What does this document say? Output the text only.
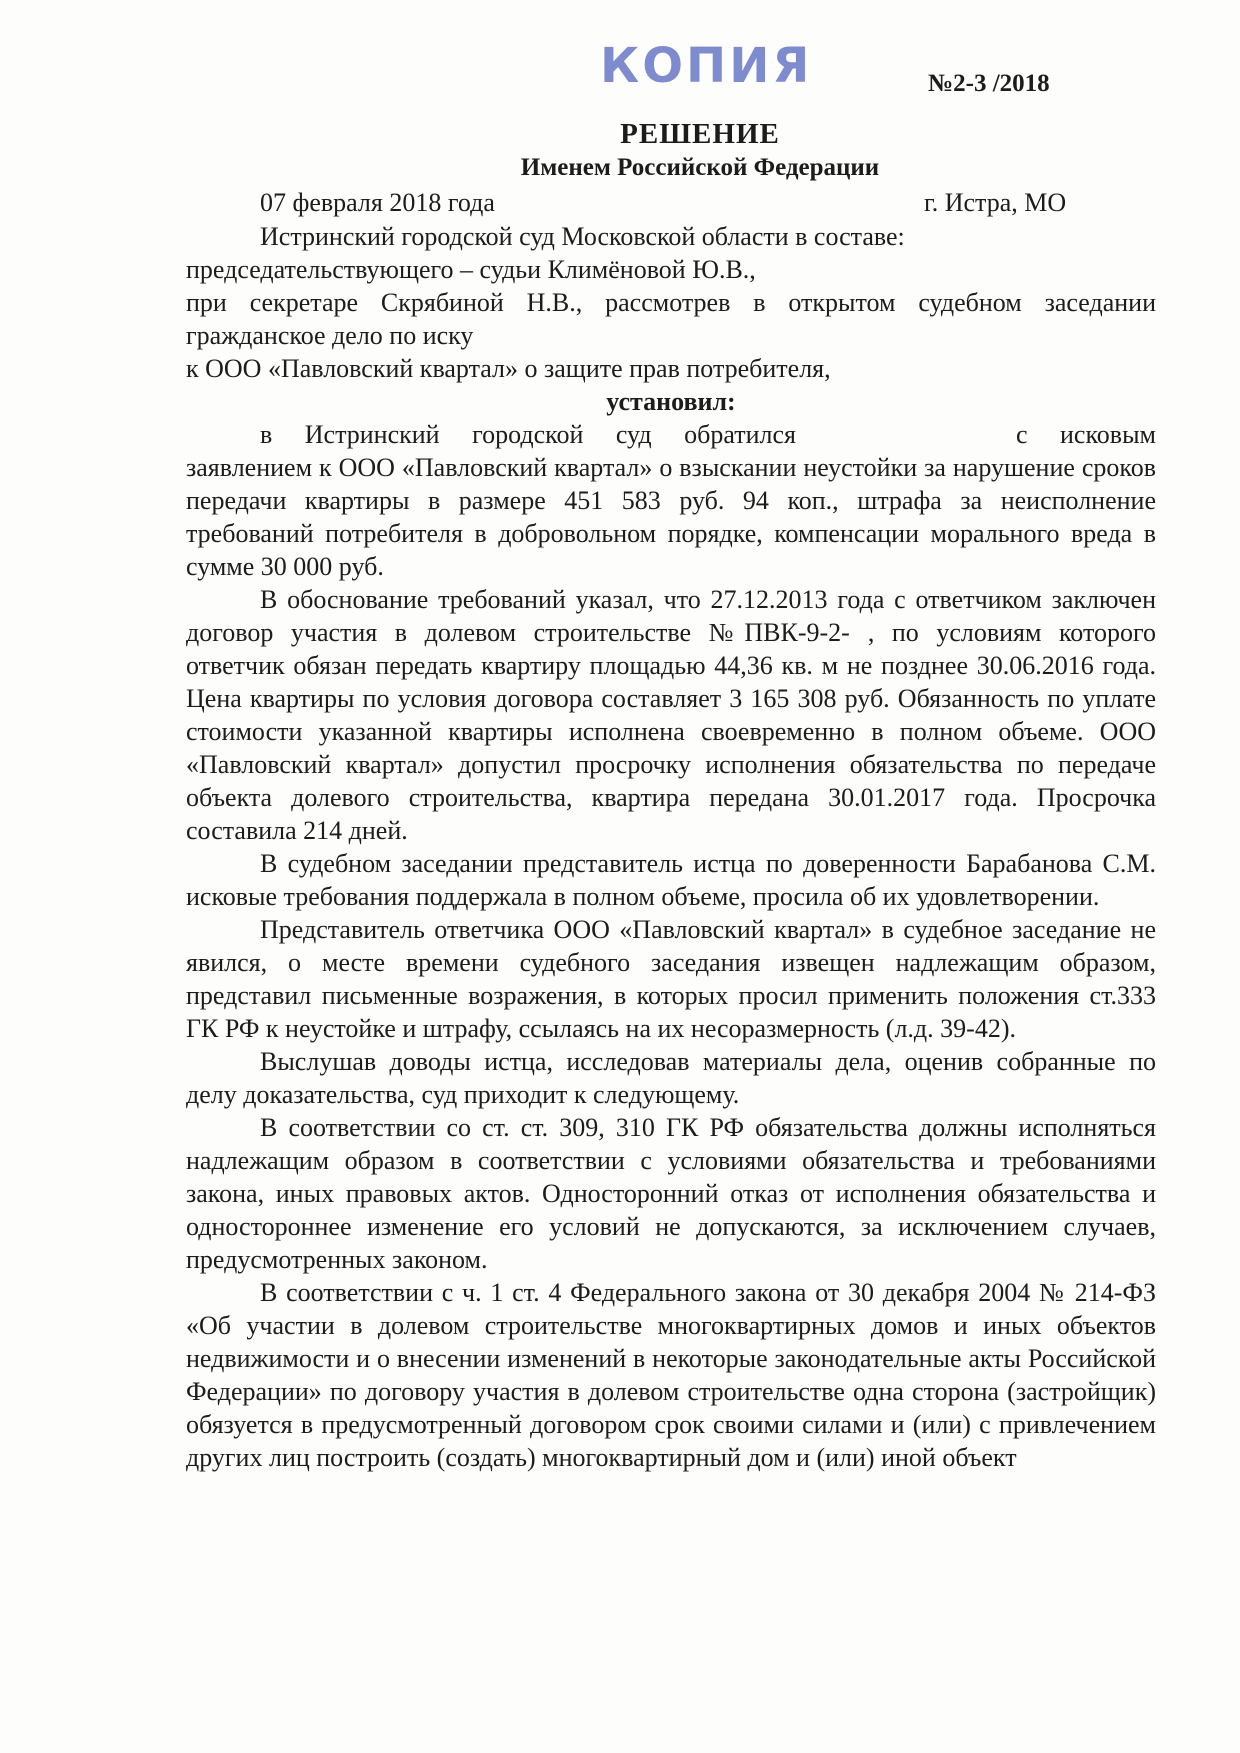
КОПИЯ	№2-3 /2018
РЕШЕНИЕ
Именем Российской Федерации
07 февраля 2018 года	г. Истра, МО

Истринский городской суд Московской области в составе:

председательствующего – судьи Климёновой Ю.В.,

при секретаре Скрябиной Н.В., рассмотрев в открытом судебном заседании гражданское дело по иску

к ООО «Павловский квартал» о защите прав потребителя,

установил:

в Истринский городской суд обратился	с исковым заявлением к ООО «Павловский квартал» о взыскании неустойки за нарушение сроков передачи квартиры в размере 451 583 руб. 94 коп., штрафа за неисполнение требований потребителя в добровольном порядке, компенсации морального вреда в сумме 30 000 руб.

В обоснование требований указал, что 27.12.2013 года с ответчиком заключен договор участия в долевом строительстве №ПВК-9-2- , по условиям которого ответчик обязан передать квартиру площадью 44,36 кв. м не позднее 30.06.2016 года. Цена квартиры по условия договора составляет 3 165 308 руб. Обязанность по уплате стоимости указанной квартиры исполнена своевременно в полном объеме. ООО «Павловский квартал» допустил просрочку исполнения обязательства по передаче объекта долевого строительства, квартира передана 30.01.2017 года. Просрочка составила 214 дней.

В судебном заседании представитель истца по доверенности Барабанова С.М. исковые требования поддержала в полном объеме, просила об их удовлетворении.

Представитель ответчика ООО «Павловский квартал» в судебное заседание не явился, о месте времени судебного заседания извещен надлежащим образом, представил письменные возражения, в которых просил применить положения ст.333 ГК РФ к неустойке и штрафу, ссылаясь на их несоразмерность (л.д. 39-42).

Выслушав доводы истца, исследовав материалы дела, оценив собранные по делу доказательства, суд приходит к следующему.

В соответствии со ст. ст. 309, 310 ГК РФ обязательства должны исполняться надлежащим образом в соответствии с условиями обязательства и требованиями закона, иных правовых актов. Односторонний отказ от исполнения обязательства и одностороннее изменение его условий не допускаются, за исключением случаев, предусмотренных законом.

В соответствии с ч. 1 ст. 4 Федерального закона от 30 декабря 2004 № 214-ФЗ «Об участии в долевом строительстве многоквартирных домов и иных объектов недвижимости и о внесении изменений в некоторые законодательные акты Российской Федерации» по договору участия в долевом строительстве одна сторона (застройщик) обязуется в предусмотренный договором срок своими силами и (или) с привлечением других лиц построить (создать) многоквартирный дом и (или) иной объект
